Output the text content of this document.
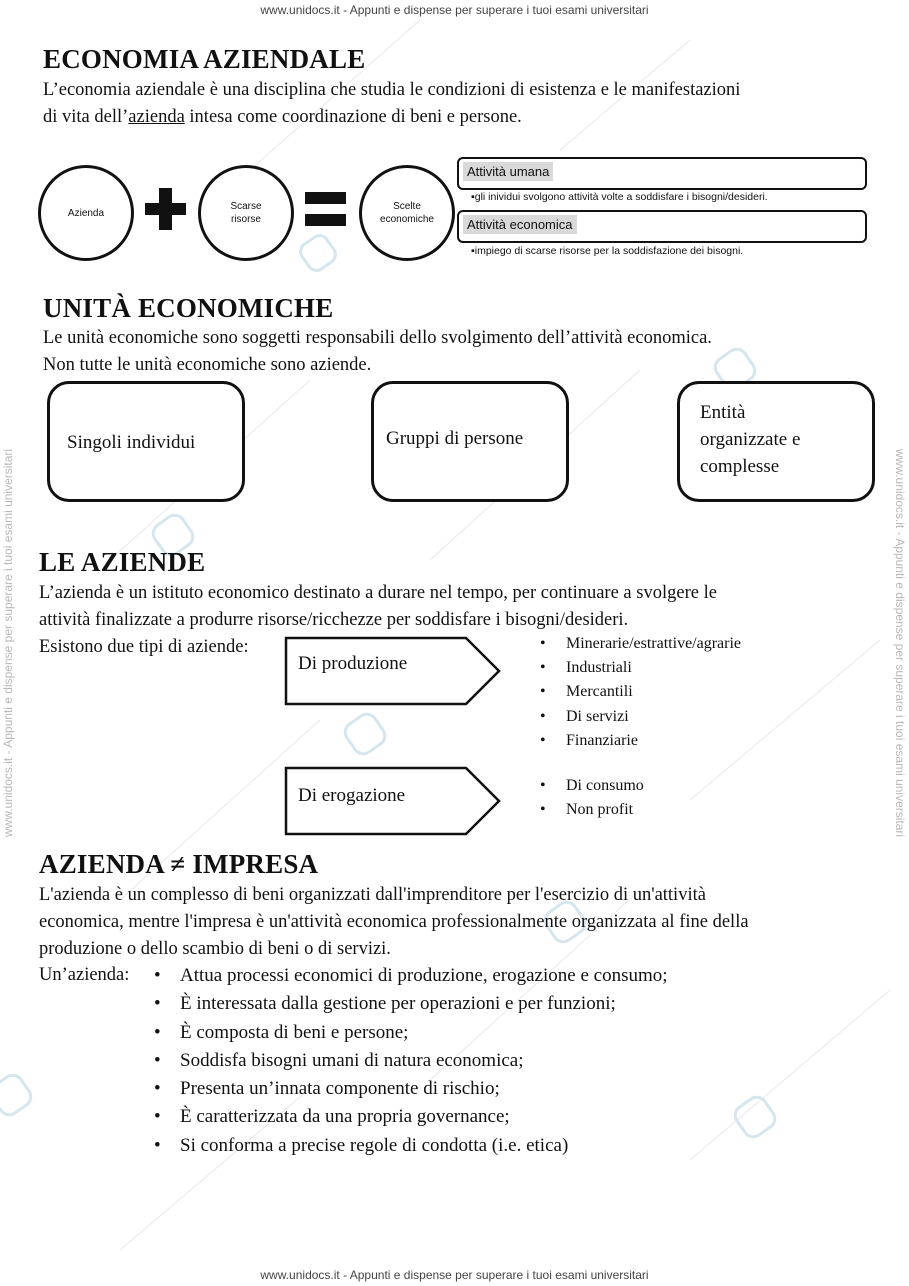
www.unidocs.it - Appunti e dispense per superare i tuoi esami universitari
www.unidocs.it - Appunti e dispense per superare i tuoi esami universitari
www.unidocs.it - Appunti e dispense per superare i tuoi esami universitari	www.unidocs.it - Appunti e dispense per superare i tuoi esami universitari
ECONOMIA AZIENDALE
L’economia aziendale è una disciplina che studia le condizioni di esistenza e le manifestazioni
di vita dell’azienda intesa come coordinazione di beni e persone.
Azienda
Scarse
risorse
Scelte
economiche
Attività umana
▪gli inividui svolgono attività volte a soddisfare i bisogni/desideri.
Attività economica
▪impiego di scarse risorse per la soddisfazione dei bisogni.
UNITÀ ECONOMICHE
Le unità economiche sono soggetti responsabili dello svolgimento dell’attività economica.
Non tutte le unità economiche sono aziende.
Singoli individui	Gruppi di persone
Entità
organizzate e
complesse
LE AZIENDE
L’azienda è un istituto economico destinato a durare nel tempo, per continuare a svolgere le
attività finalizzate a produrre risorse/ricchezze per soddisfare i bisogni/desideri.
Esistono due tipi di aziende:
Di produzione
• Minerarie/estrattive/agrarie
• Industriali
• Mercantili
• Di servizi
• Finanziarie
Di erogazione	• Di consumo
• Non profit
AZIENDA ≠ IMPRESA
L'azienda è un complesso di beni organizzati dall'imprenditore per l'esercizio di un'attività
economica, mentre l'impresa è un'attività economica professionalmente organizzata al fine della
produzione o dello scambio di beni o di servizi.
Un’azienda:	• Attua processi economici di produzione, erogazione e consumo;
• È interessata dalla gestione per operazioni e per funzioni;
• È composta di beni e persone;
• Soddisfa bisogni umani di natura economica;
• Presenta un’innata componente di rischio;
• È caratterizzata da una propria governance;
• Si conforma a precise regole di condotta (i.e. etica)
